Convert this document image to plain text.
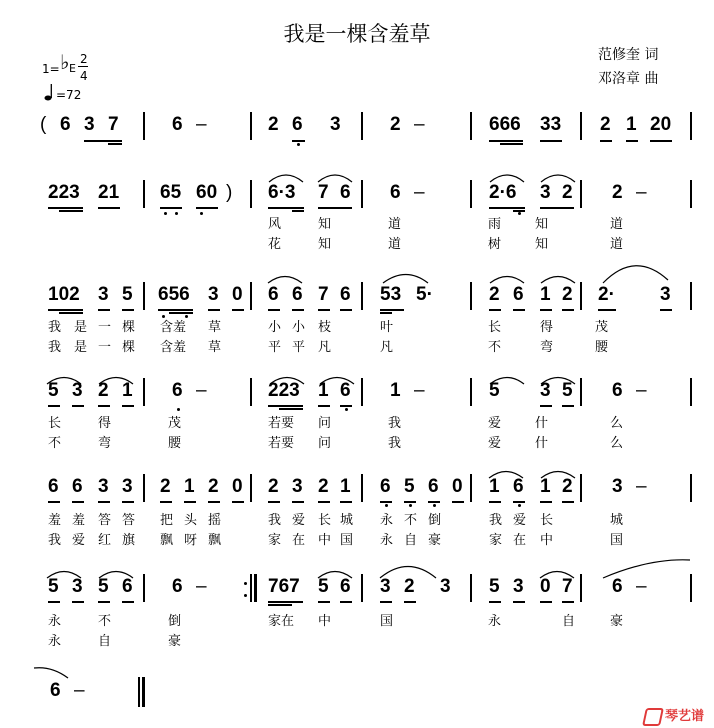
我是一棵含羞草
范修奎 词
邓洛章 曲
1= ♭ E
2
4
=72
( 6 3 7	6 –	2 6 3	2 –	666 33 2 1 20
223 21 65 60 ) 6·3 7 6 6 –	2·6 3 2 2 –
风	知	道	雨	知	道
花	知	道	树	知	道
102 3 5 656 3 0 6 6 7 6 53 5·	2 6 1 2 2· 3
我 是 一 棵 含羞 草	小 小 枝	叶	长	得	茂
我 是 一 棵 含羞 草	平 平 凡	凡	不	弯	腰
5 3 2 1 6 –	223 1 6 1 –	5 3 5 6 –
长	得	茂	若要 问	我	爱	什	么
不	弯	腰	若要 问	我	爱	什	么
6 6 3 3 2 1 2 0 2 3 2 1 6 5 6 0 1 6 1 2 3 –
羞 羞 答 答 把 头 摇	我 爱 长 城 永 不 倒	我 爱 长	城
我 爱 红 旗 飘 呀 飘	家 在 中 国 永 自 豪	家 在 中	国
5 3 5 6 6 –	767 5 6 3 2 3 5 3 0 7 6 –
永	不	倒	家在 中	国	永	自	豪
永	自	豪
6 –
琴艺谱
